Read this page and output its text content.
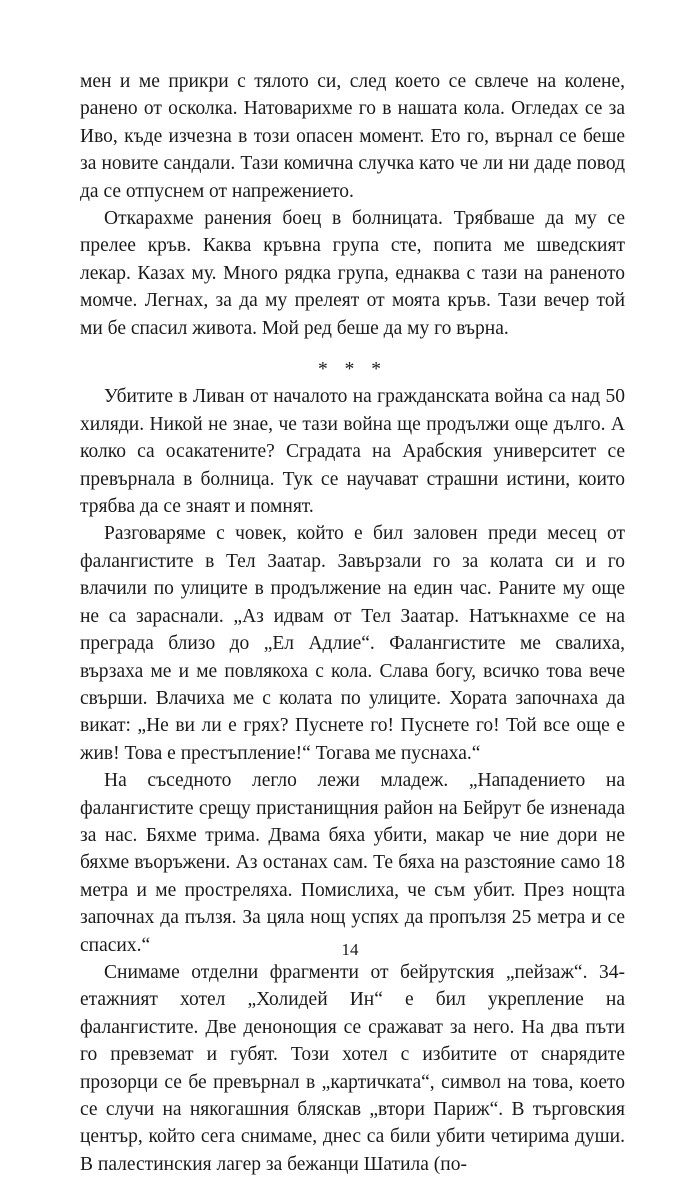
мен и ме прикри с тялото си, след което се свлече на колене, ранено от осколка. Натоварихме го в нашата кола. Огледах се за Иво, къде изчезна в този опасен момент. Ето го, върнал се беше за новите сандали. Тази комична случка като че ли ни даде повод да се отпуснем от напрежението.

Откарахме ранения боец в болницата. Трябваше да му се прелее кръв. Каква кръвна група сте, попита ме шведският лекар. Казах му. Много рядка група, еднаква с тази на раненото момче. Легнах, за да му прелеят от моята кръв. Тази вечер той ми бе спасил живота. Мой ред беше да му го върна.

* * *

Убитите в Ливан от началото на гражданската война са над 50 хиляди. Никой не знае, че тази война ще продължи още дълго. А колко са осакатените? Сградата на Арабския университет се превърнала в болница. Тук се научават страшни истини, които трябва да се знаят и помнят.

Разговаряме с човек, който е бил заловен преди месец от фалангистите в Тел Заатар. Завързали го за колата си и го влачили по улиците в продължение на един час. Раните му още не са зараснали. „Аз идвам от Тел Заатар. Натъкнахме се на преграда близо до „Ел Адлие“. Фалангистите ме свалиха, вързаха ме и ме повлякоха с кола. Слава богу, всичко това вече свърши. Влачиха ме с колата по улиците. Хората започнаха да викат: „Не ви ли е грях? Пуснете го! Пуснете го! Той все още е жив! Това е престъпление!“ Тогава ме пуснаха.“

На съседното легло лежи младеж. „Нападението на фалангистите срещу пристанищния район на Бейрут бе изненада за нас. Бяхме трима. Двама бяха убити, макар че ние дори не бяхме въоръжени. Аз останах сам. Те бяха на разстояние само 18 метра и ме простреляха. Помислиха, че съм убит. През нощта започнах да пълзя. За цяла нощ успях да пропълзя 25 метра и се спасих.“

Снимаме отделни фрагменти от бейрутския „пейзаж“. 34-етажният хотел „Холидей Ин“ е бил укрепление на фалангистите. Две денонощия се сражават за него. На два пъти го превземат и губят. Този хотел с избитите от снарядите прозорци се бе превърнал в „картичката“, символ на това, което се случи на някогашния бляскав „втори Париж“. В търговския център, който сега снимаме, днес са били убити четирима души. В палестинския лагер за бежанци Шатила (по-

14
